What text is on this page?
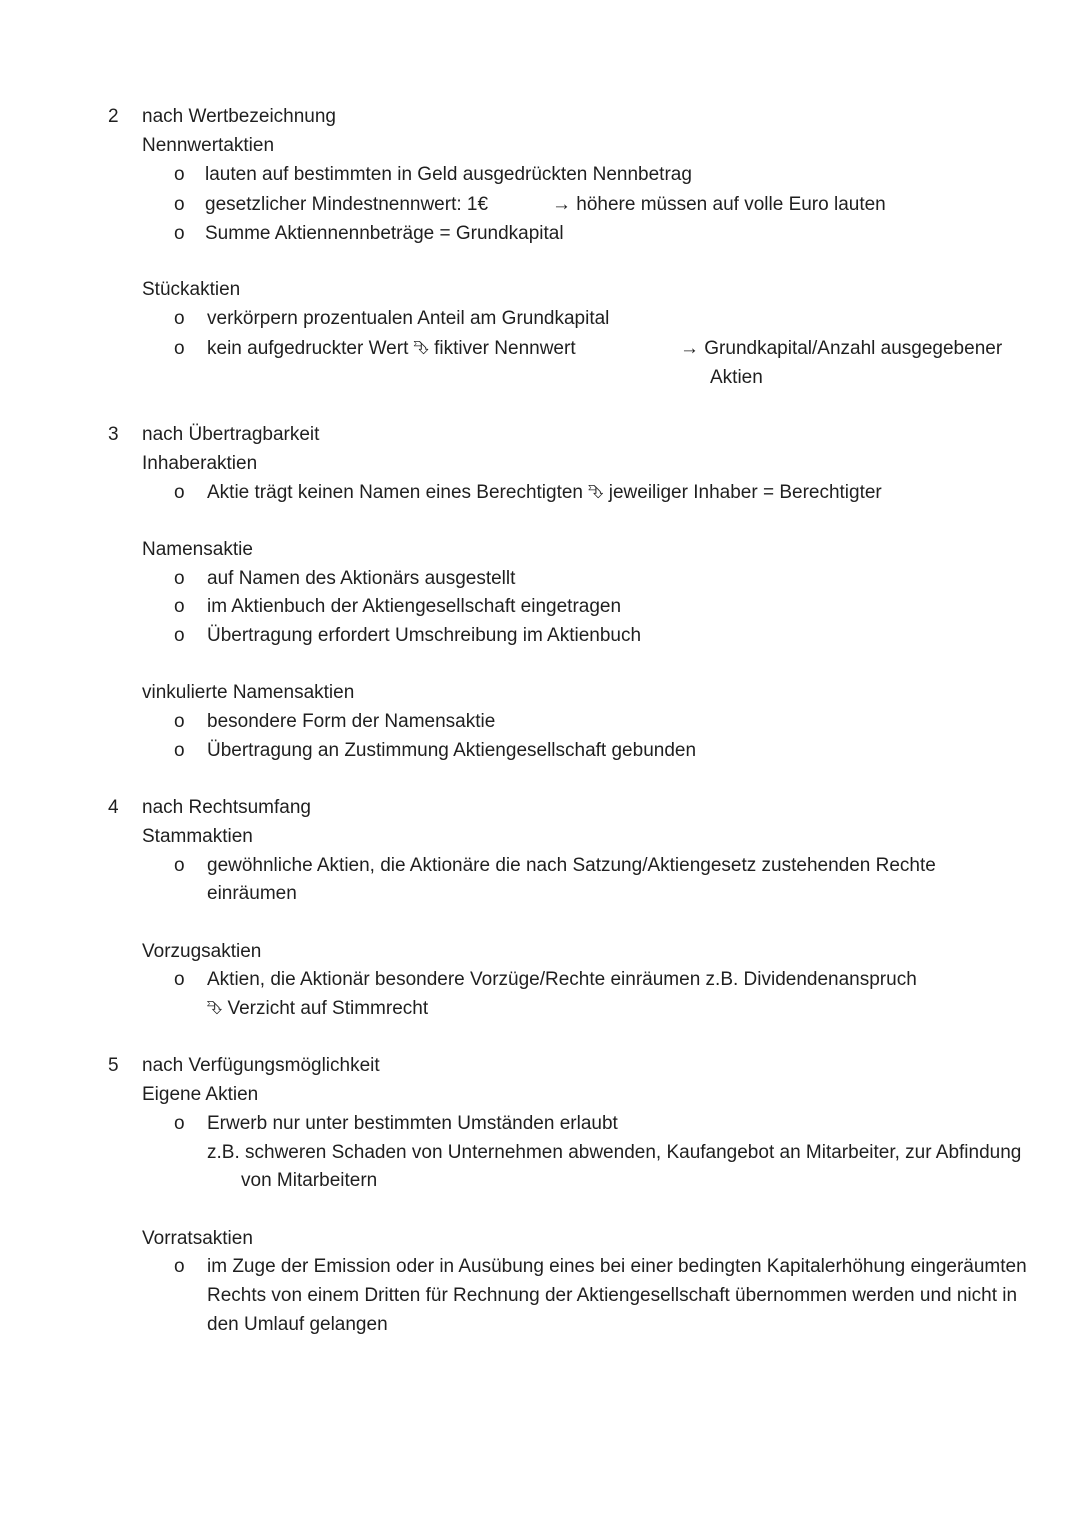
2 nach Wertbezeichnung
Nennwertaktien
o lauten auf bestimmten in Geld ausgedrückten Nennbetrag
o gesetzlicher Mindestnennwert: 1€	→ höhere müssen auf volle Euro lauten
o Summe Aktiennennbeträge = Grundkapital
Stückaktien
o verkörpern prozentualen Anteil am Grundkapital
o kein aufgedruckter Wert ⮷ fiktiver Nennwert	→ Grundkapital/Anzahl ausgegebener
Aktien
3 nach Übertragbarkeit
Inhaberaktien
o Aktie trägt keinen Namen eines Berechtigten ⮷ jeweiliger Inhaber = Berechtigter
Namensaktie
o auf Namen des Aktionärs ausgestellt
o im Aktienbuch der Aktiengesellschaft eingetragen
o Übertragung erfordert Umschreibung im Aktienbuch
vinkulierte Namensaktien
o besondere Form der Namensaktie
o Übertragung an Zustimmung Aktiengesellschaft gebunden
4 nach Rechtsumfang
Stammaktien
o gewöhnliche Aktien, die Aktionäre die nach Satzung/Aktiengesetz zustehenden Rechte
einräumen
Vorzugsaktien
o Aktien, die Aktionär besondere Vorzüge/Rechte einräumen z.B. Dividendenanspruch
⮷ Verzicht auf Stimmrecht
5 nach Verfügungsmöglichkeit
Eigene Aktien
o Erwerb nur unter bestimmten Umständen erlaubt
z.B. schweren Schaden von Unternehmen abwenden, Kaufangebot an Mitarbeiter, zur Abfindung
von Mitarbeitern
Vorratsaktien
o im Zuge der Emission oder in Ausübung eines bei einer bedingten Kapitalerhöhung eingeräumten
Rechts von einem Dritten für Rechnung der Aktiengesellschaft übernommen werden und nicht in
den Umlauf gelangen
